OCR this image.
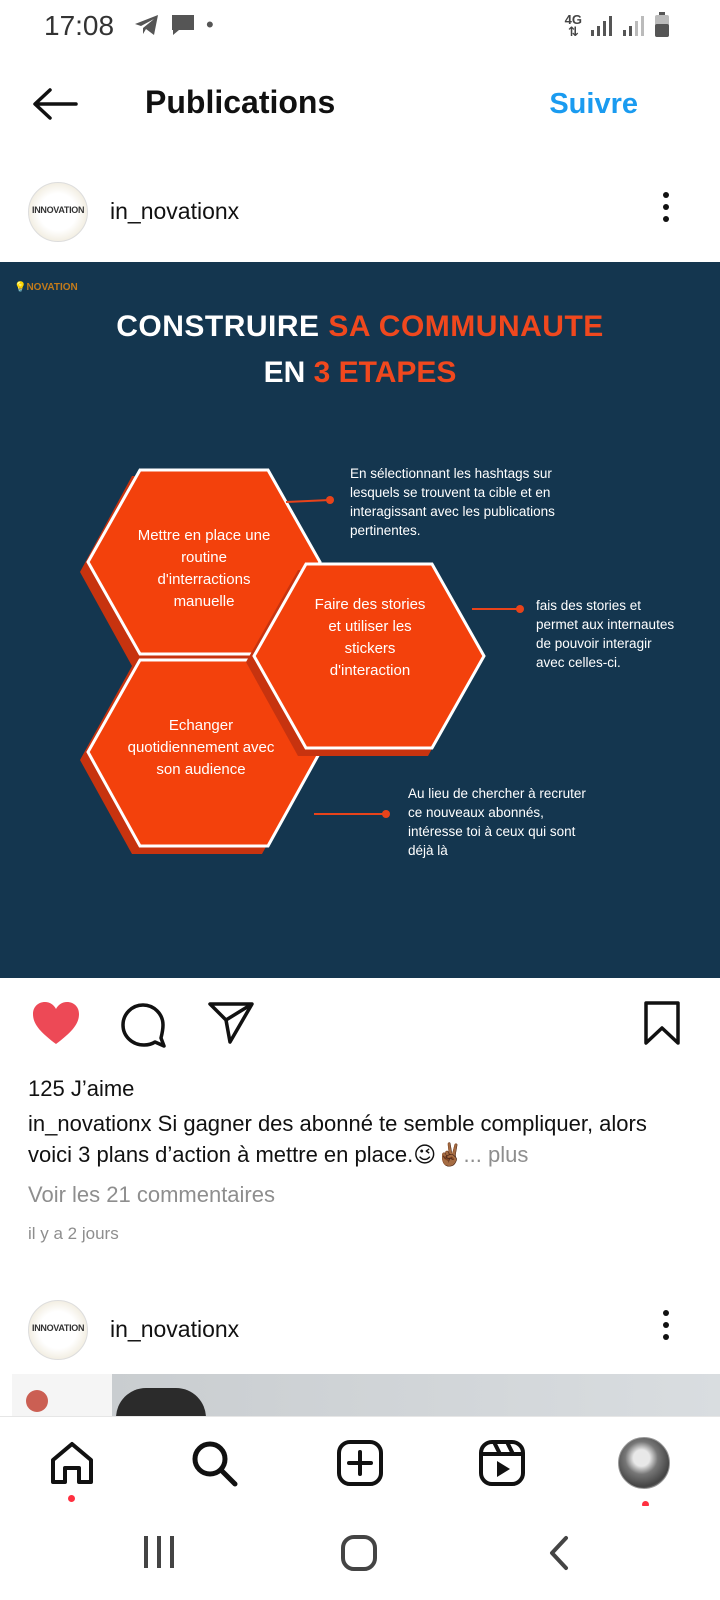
17:08	•	4G
⇅
Publications	Suivre
INNOVATION in_novationx
💡NOVATION
CONSTRUIRE SA COMMUNAUTE
EN 3 ETAPES
Mettre en place une routine d'interractions manuelle	Faire des stories et utiliser les stickers d'interaction
Echanger quotidiennement avec son audience
En sélectionnant les hashtags sur lesquels se trouvent ta cible et en interagissant avec les publications pertinentes.
fais des stories et permet aux internautes de pouvoir interagir avec celles-ci.
Au lieu de chercher à recruter ce nouveaux abonnés, intéresse toi à ceux qui sont déjà là
125 J’aime
in_novationx Si gagner des abonné te semble compliquer, alors voici 3 plans d’action à mettre en place.😉✌🏾... plus
Voir les 21 commentaires
il y a 2 jours
INNOVATION in_novationx
